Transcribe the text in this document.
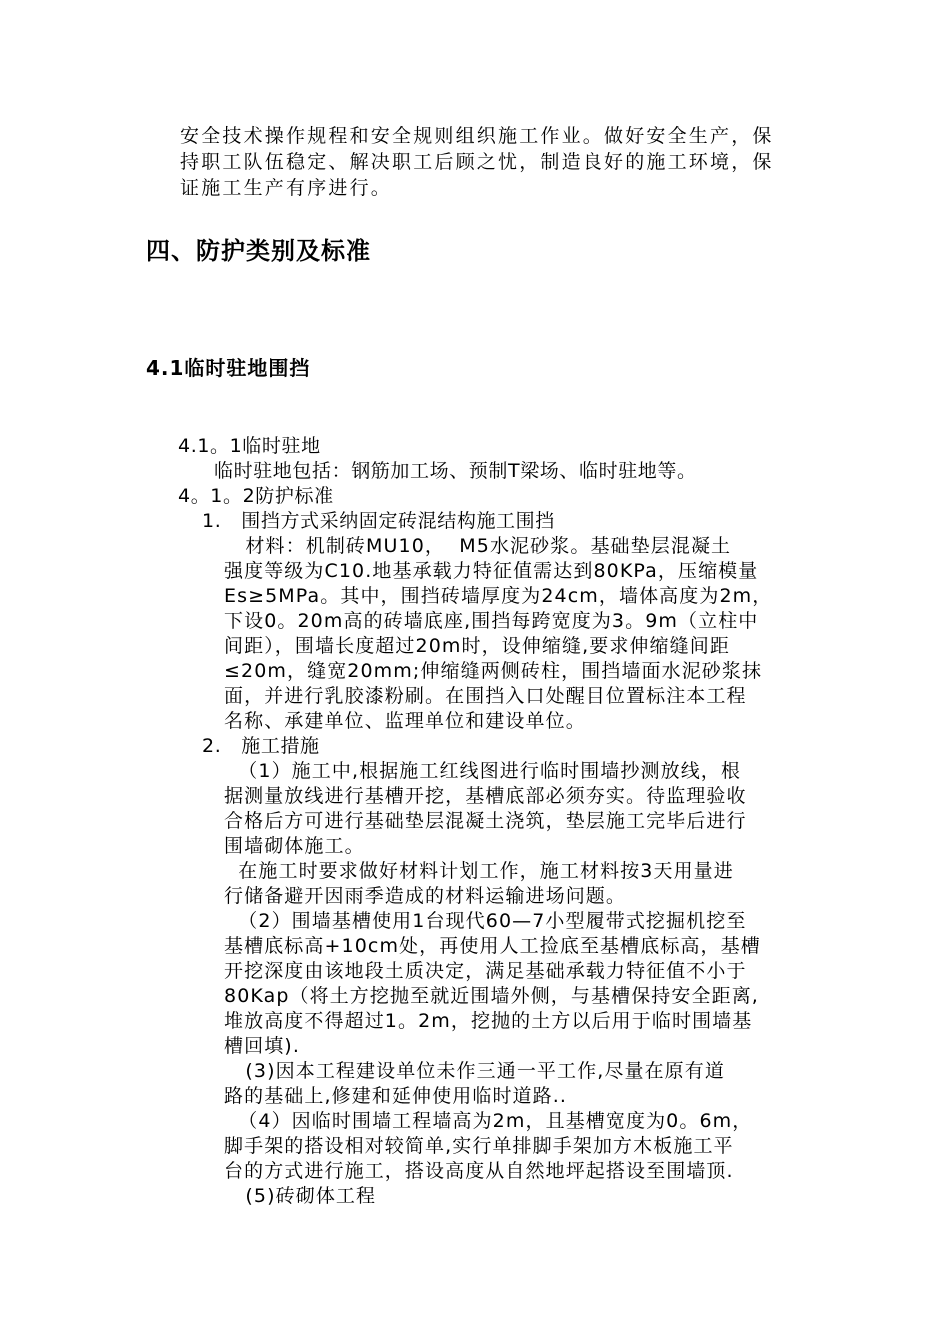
安全技术操作规程和安全规则组织施工作业。做好安全生产，保
持职工队伍稳定、解决职工后顾之忧，制造良好的施工环境，保
证施工生产有序进行。
四、防护类别及标准
4.1临时驻地围挡
4.1。1临时驻地
临时驻地包括：钢筋加工场、预制T梁场、临时驻地等。
4。1。2防护标准
1.   围挡方式采纳固定砖混结构施工围挡
材料：机制砖MU10，  M5水泥砂浆。基础垫层混凝土
强度等级为C10.地基承载力特征值需达到80KPa，压缩模量
Es≥5MPa。其中，围挡砖墙厚度为24cm，墙体高度为2m，
下设0。20m高的砖墙底座,围挡每跨宽度为3。9m（立柱中
间距），围墙长度超过20m时，设伸缩缝,要求伸缩缝间距
≤20m，缝宽20mm;伸缩缝两侧砖柱，围挡墙面水泥砂浆抹
面，并进行乳胶漆粉刷。在围挡入口处醒目位置标注本工程
名称、承建单位、监理单位和建设单位。
2.   施工措施
（1）施工中,根据施工红线图进行临时围墙抄测放线，根
据测量放线进行基槽开挖，基槽底部必须夯实。待监理验收
合格后方可进行基础垫层混凝土浇筑，垫层施工完毕后进行
围墙砌体施工。
在施工时要求做好材料计划工作，施工材料按3天用量进
行储备避开因雨季造成的材料运输进场问题。
（2）围墙基槽使用1台现代60—7小型履带式挖掘机挖至
基槽底标高+10cm处，再使用人工捡底至基槽底标高，基槽
开挖深度由该地段土质决定，满足基础承载力特征值不小于
80Kap（将土方挖抛至就近围墙外侧，与基槽保持安全距离,
堆放高度不得超过1。2m，挖抛的土方以后用于临时围墙基
槽回填).
(3)因本工程建设单位未作三通一平工作,尽量在原有道
路的基础上,修建和延伸使用临时道路..
（4）因临时围墙工程墙高为2m，且基槽宽度为0。6m，
脚手架的搭设相对较简单,实行单排脚手架加方木板施工平
台的方式进行施工，搭设高度从自然地坪起搭设至围墙顶.
(5)砖砌体工程
